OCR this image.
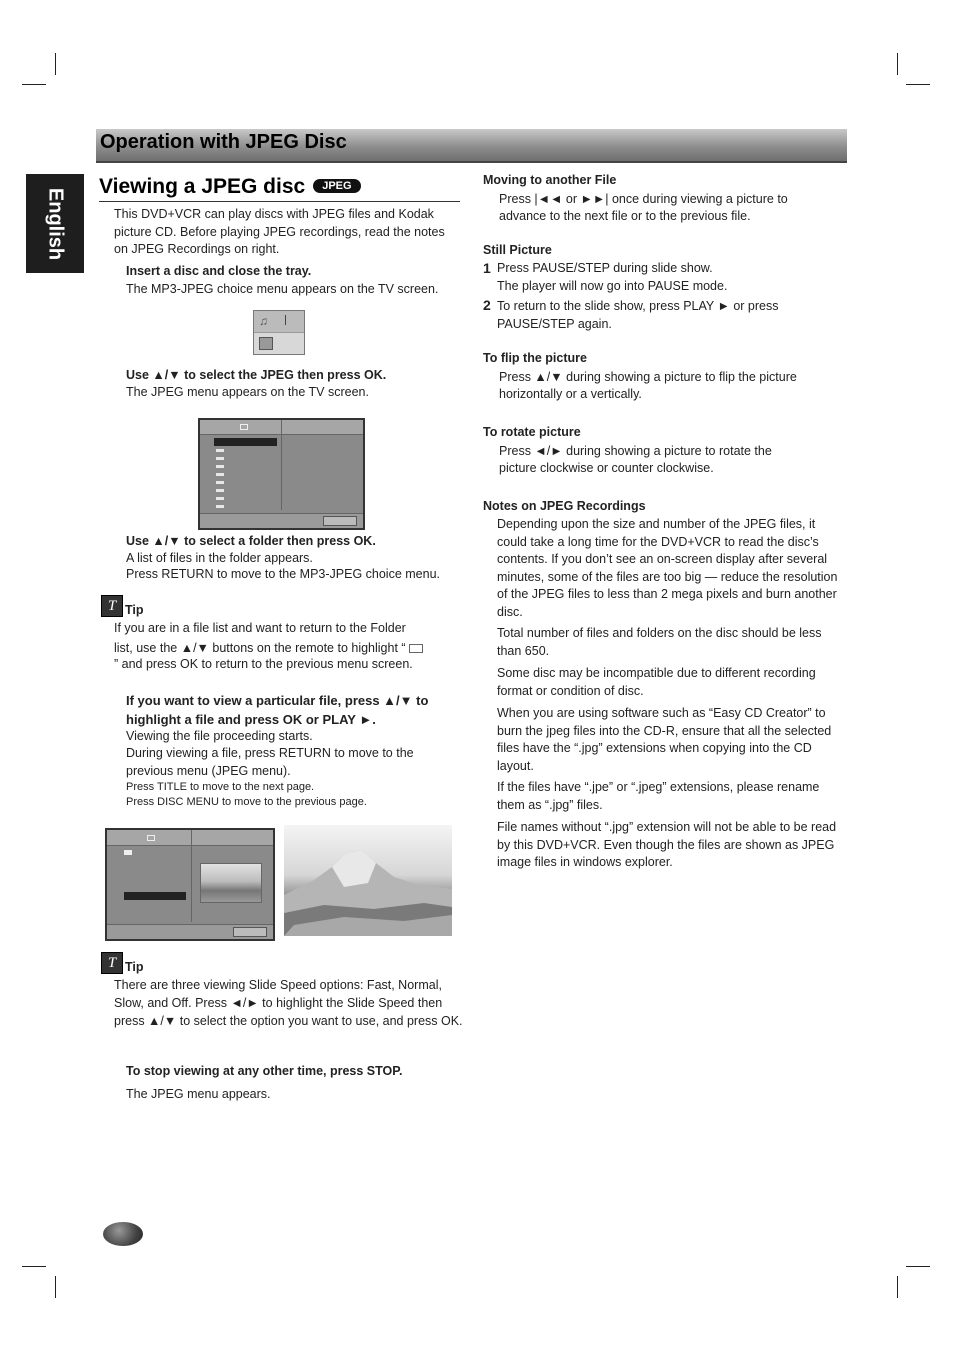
Operation with JPEG Disc
English
Viewing a JPEG disc JPEG
This DVD+VCR can play discs with JPEG files and Kodak picture CD. Before playing JPEG recordings, read the notes on JPEG Recordings on right.
Insert a disc and close the tray.
The MP3-JPEG choice menu appears on the TV screen.
♫
Use ▲/▼ to select the JPEG then press OK.
The JPEG menu appears on the TV screen.
Use ▲/▼ to select a folder then press OK.
A list of files in the folder appears.
Press RETURN to move to the MP3-JPEG choice menu.
T Tip
If you are in a file list and want to return to the Folder
list, use the ▲/▼ buttons on the remote to highlight “
” and press OK to return to the previous menu screen.
If you want to view a particular file, press ▲/▼ to
highlight a file and press OK or PLAY ►.
Viewing the file proceeding starts.
During viewing a file, press RETURN to move to the previous menu (JPEG menu).
Press TITLE to move to the next page.
Press DISC MENU to move to the previous page.
T Tip
There are three viewing Slide Speed options: Fast, Normal, Slow, and Off. Press ◄/► to highlight the Slide Speed then press ▲/▼ to select the option you want to use, and press OK.
To stop viewing at any other time, press STOP.
The JPEG menu appears.
Moving to another File
Press |◄◄ or ►►| once during viewing a picture to advance to the next file or to the previous file.
Still Picture
1 Press PAUSE/STEP during slide show.
The player will now go into PAUSE mode.
2 To return to the slide show, press PLAY ► or press PAUSE/STEP again.
To flip the picture
Press ▲/▼ during showing a picture to flip the picture horizontally or a vertically.
To rotate picture
Press ◄/► during showing a picture to rotate the picture clockwise or counter clockwise.
Notes on JPEG Recordings
Depending upon the size and number of the JPEG files, it could take a long time for the DVD+VCR to read the disc’s contents. If you don’t see an on-screen display after several minutes, some of the files are too big — reduce the resolution of the JPEG files to less than 2 mega pixels and burn another disc.
Total number of files and folders on the disc should be less than 650.
Some disc may be incompatible due to different recording format or condition of disc.
When you are using software such as “Easy CD Creator” to burn the jpeg files into the CD-R, ensure that all the selected files have the “.jpg” extensions when copying into the CD layout.
If the files have “.jpe” or “.jpeg” extensions, please rename them as “.jpg” files.
File names without “.jpg” extension will not be able to be read by this DVD+VCR. Even though the files are shown as JPEG image files in windows explorer.
